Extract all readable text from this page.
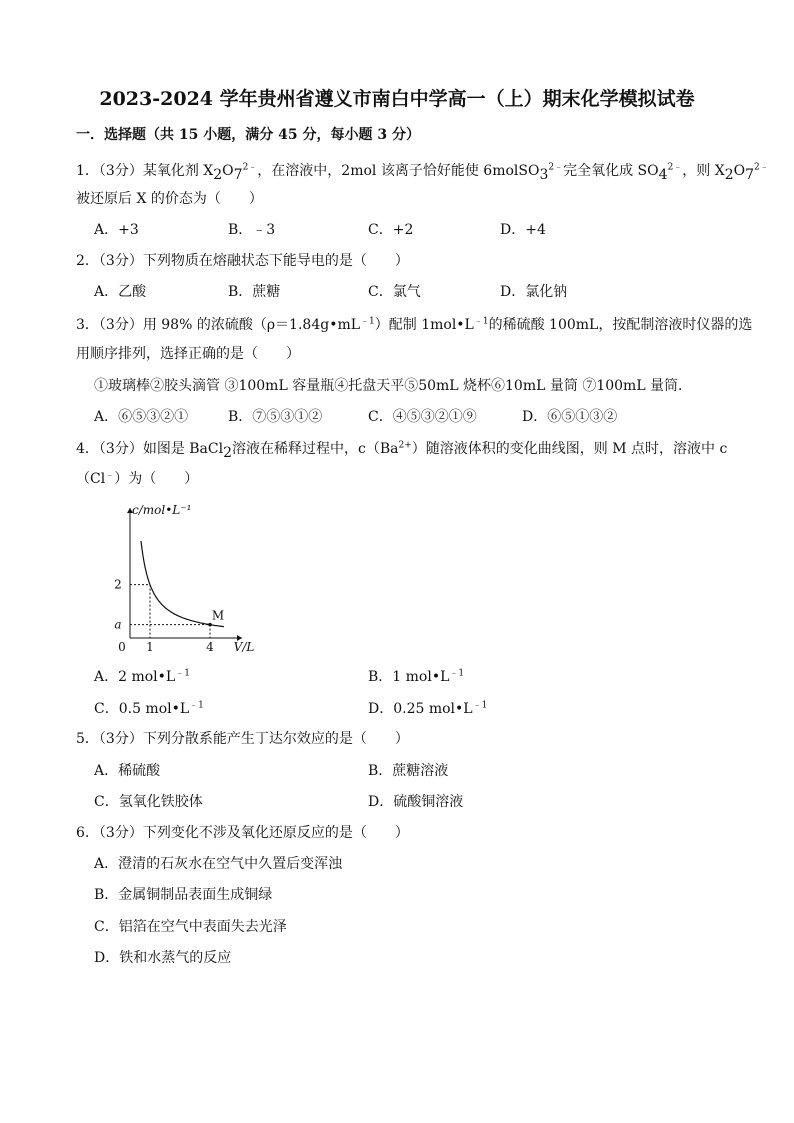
2023-2024 学年贵州省遵义市南白中学高一（上）期末化学模拟试卷
一．选择题（共 15 小题，满分 45 分，每小题 3 分）
1．（3分）某氧化剂 $X2O7^{2﹣}$，在溶液中，2mol 该离子恰好能使 $6molSO3^{2﹣}$完全氧化成 $SO4^{2﹣}$，则 $X2O7^{2﹣}$
被还原后 X 的价态为（　　）
A．+3	B．﹣3	C．+2	D．+4
2．（3分）下列物质在熔融状态下能导电的是（　　）
A．乙酸	B．蔗糖	C．氯气	D．氯化钠
3．（3分）用 98% 的浓硫酸$(\rho=1.84g•mL^{﹣1})$配制 $1mol•L^{﹣1}$的稀硫酸 100mL，按配制溶液时仪器的选
用顺序排列，选择正确的是（　　）
①玻璃棒②胶头滴管 ③100mL 容量瓶④托盘天平⑤50mL 烧杯⑥10mL 量筒 ⑦100mL 量筒．
A．⑥⑤③②①	B．⑦⑤③①②	C．④⑤③②①⑨	D．⑥⑤①③②
4．（3分）如图是 BaCl2溶液在稀释过程中，$c(Ba^{2+})$随溶液体积的变化曲线图，则 M 点时，溶液中 c
（Cl﹣）为（　　）
c/mol•L⁻¹
V/L
0 1	4
2
a
M
A．2 $mol•L^{﹣1}$	B．1 $mol•L^{﹣1}$
C．0.5 $mol•L^{﹣1}$	D．0.25 $mol•L^{﹣1}$
5．（3分）下列分散系能产生丁达尔效应的是（　　）
A．稀硫酸	B．蔗糖溶液
C．氢氧化铁胶体	D．硫酸铜溶液
6．（3分）下列变化不涉及氧化还原反应的是（　　）
A．澄清的石灰水在空气中久置后变浑浊
B．金属铜制品表面生成铜绿
C．铝箔在空气中表面失去光泽
D．铁和水蒸气的反应
